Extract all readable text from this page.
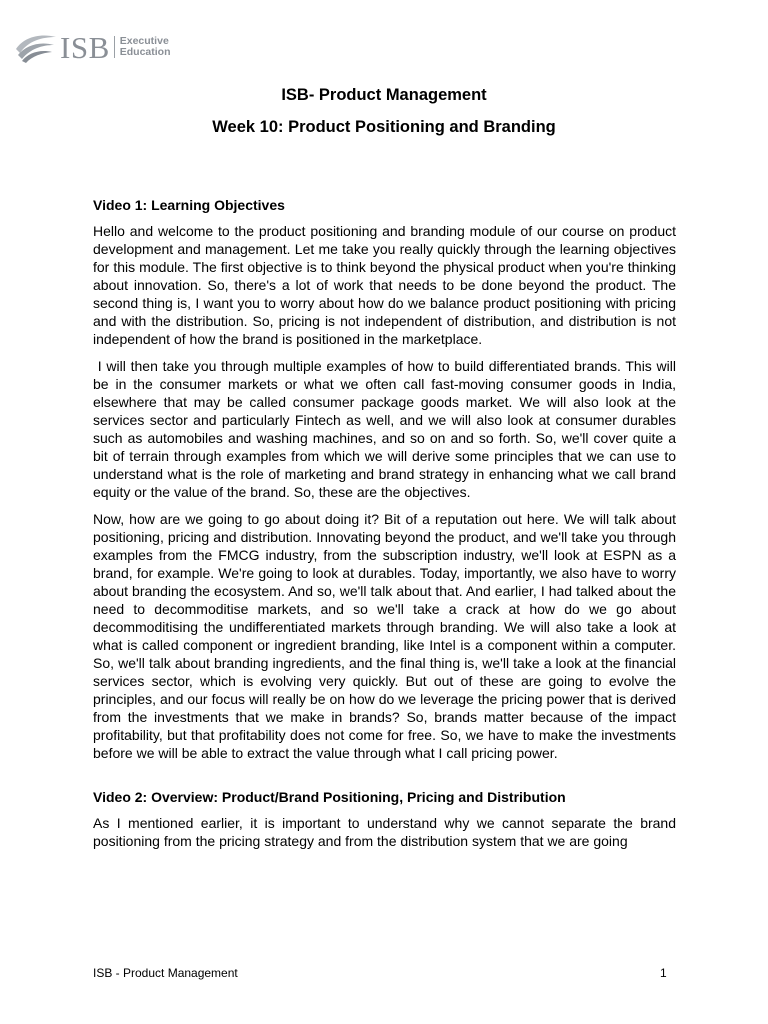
ISB Executive
Education
ISB- Product Management
Week 10: Product Positioning and Branding

Video 1: Learning Objectives

Hello and welcome to the product positioning and branding module of our course on product development and management. Let me take you really quickly through the learning objectives for this module. The first objective is to think beyond the physical product when you're thinking about innovation. So, there's a lot of work that needs to be done beyond the product. The second thing is, I want you to worry about how do we balance product positioning with pricing and with the distribution. So, pricing is not independent of distribution, and distribution is not independent of how the brand is positioned in the marketplace.

I will then take you through multiple examples of how to build differentiated brands. This will be in the consumer markets or what we often call fast-moving consumer goods in India, elsewhere that may be called consumer package goods market. We will also look at the services sector and particularly Fintech as well, and we will also look at consumer durables such as automobiles and washing machines, and so on and so forth. So, we'll cover quite a bit of terrain through examples from which we will derive some principles that we can use to understand what is the role of marketing and brand strategy in enhancing what we call brand equity or the value of the brand. So, these are the objectives.

Now, how are we going to go about doing it? Bit of a reputation out here. We will talk about positioning, pricing and distribution. Innovating beyond the product, and we'll take you through examples from the FMCG industry, from the subscription industry, we'll look at ESPN as a brand, for example. We're going to look at durables. Today, importantly, we also have to worry about branding the ecosystem. And so, we'll talk about that. And earlier, I had talked about the need to decommoditise markets, and so we'll take a crack at how do we go about decommoditising the undifferentiated markets through branding. We will also take a look at what is called component or ingredient branding, like Intel is a component within a computer. So, we'll talk about branding ingredients, and the final thing is, we'll take a look at the financial services sector, which is evolving very quickly. But out of these are going to evolve the principles, and our focus will really be on how do we leverage the pricing power that is derived from the investments that we make in brands? So, brands matter because of the impact profitability, but that profitability does not come for free. So, we have to make the investments before we will be able to extract the value through what I call pricing power.

Video 2: Overview: Product/Brand Positioning, Pricing and Distribution

As I mentioned earlier, it is important to understand why we cannot separate the brand positioning from the pricing strategy and from the distribution system that we are going

ISB - Product Management	1
